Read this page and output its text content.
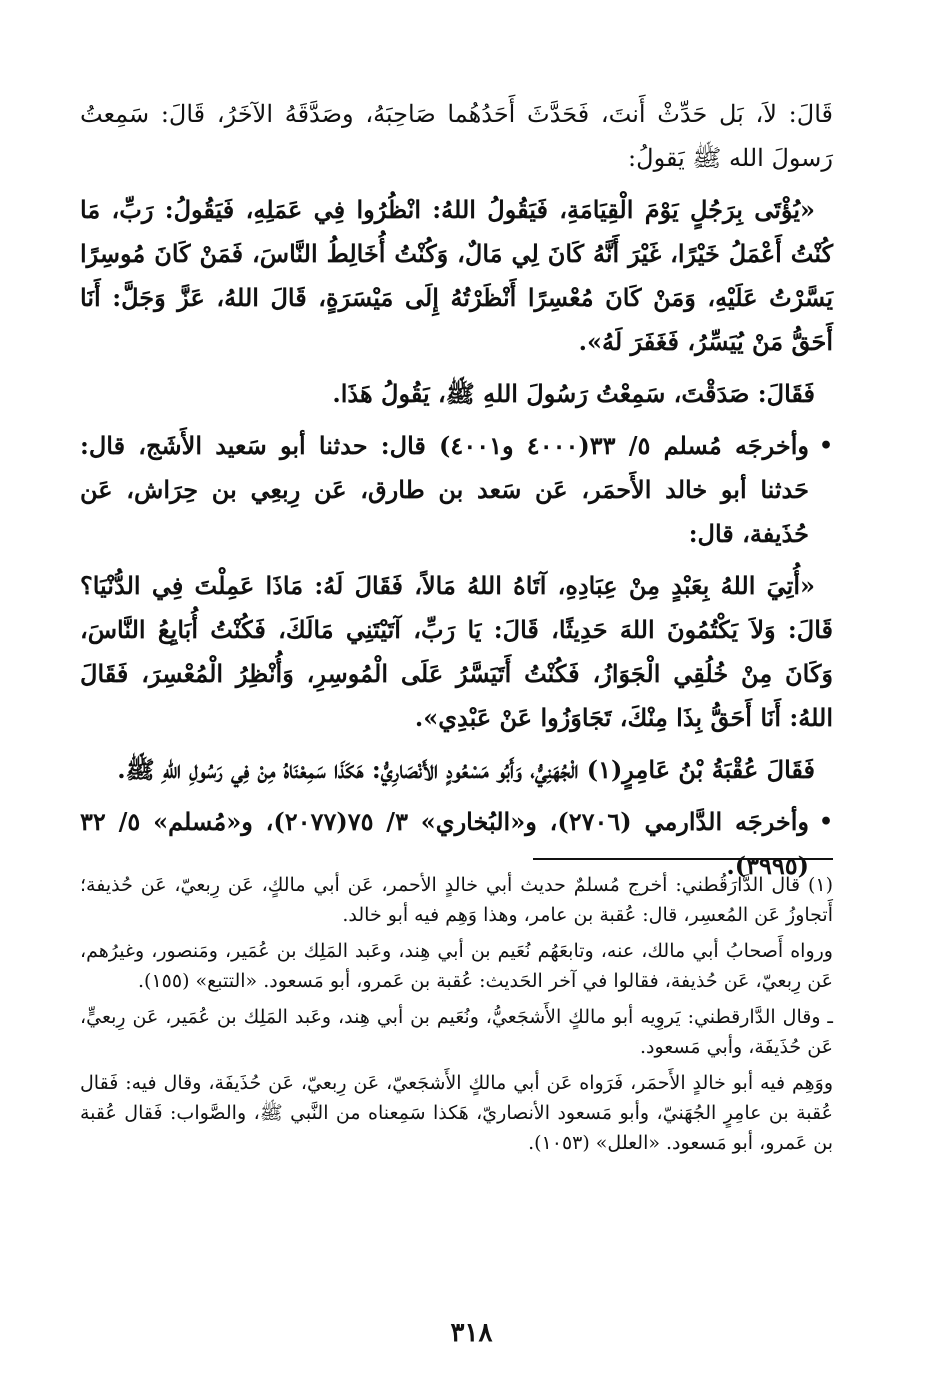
قَالَ: لاَ، بَل حَدِّثْ أَنتَ، فَحَدَّثَ أَحَدُهُما صَاحِبَهُ، وصَدَّقَهُ الآخَرُ، قَالَ: سَمِعتُ رَسولَ الله ﷺ يَقولُ:

«يُؤْتَى بِرَجُلٍ يَوْمَ الْقِيَامَةِ، فَيَقُولُ اللهُ: انْظُرُوا فِي عَمَلِهِ، فَيَقُولُ: رَبِّ، مَا كُنْتُ أَعْمَلُ خَيْرًا، غَيْرَ أَنَّهُ كَانَ لِي مَالٌ، وَكُنْتُ أُخَالِطُ النَّاسَ، فَمَنْ كَانَ مُوسِرًا يَسَّرْتُ عَلَيْهِ، وَمَنْ كَانَ مُعْسِرًا أَنْظَرْتُهُ إِلَى مَيْسَرَةٍ، قَالَ اللهُ، عَزَّ وَجَلَّ: أَنَا أَحَقُّ مَنْ يُيَسِّرُ، فَغَفَرَ لَهُ».

فَقَالَ: صَدَقْتَ، سَمِعْتُ رَسُولَ اللهِ ﷺ، يَقُولُ هَذَا.

•
وأخرجَه مُسلم ٥/ ٣٣(٤٠٠٠ و٤٠٠١) قال: حدثنا أبو سَعيد الأَشَج، قال: حَدثنا أبو خالد الأَحمَر، عَن سَعد بن طارق، عَن رِبعِي بن حِرَاش، عَن حُذَيفة، قال:

«أُتِيَ اللهُ بِعَبْدٍ مِنْ عِبَادِهِ، آتَاهُ اللهُ مَالاً، فَقَالَ لَهُ: مَاذَا عَمِلْتَ فِي الدُّنْيَا؟ قَالَ: وَلاَ يَكْتُمُونَ اللهَ حَدِيثًا، قَالَ: يَا رَبِّ، آتَيْتَنِي مَالَكَ، فَكُنْتُ أُبَايِعُ النَّاسَ، وَكَانَ مِنْ خُلُقِي الْجَوَازُ، فَكُنْتُ أَتَيَسَّرُ عَلَى الْمُوسِرِ، وَأُنْظِرُ الْمُعْسِرَ، فَقَالَ اللهُ: أَنَا أَحَقُّ بِذَا مِنْكَ، تَجَاوَزُوا عَنْ عَبْدِي».

فَقَالَ عُقْبَةُ بْنُ عَامِرٍ(١) الْجُهَنِيُّ، وَأَبُو مَسْعُودٍ الأَنْصَارِيُّ: هَكَذَا سَمِعْنَاهُ مِنْ فِي رَسُولِ اللهِ ﷺ.

•
وأخرجَه الدَّارمي (٢٧٠٦)، و«البُخاري» ٣/ ٧٥(٢٠٧٧)، و«مُسلم» ٥/ ٣٢ (٣٩٩٥).

(١) قال الدَّارَقُطني: أخرج مُسلمٌ حديث أبي خالدٍ الأحمر، عَن أبي مالكٍ، عَن رِبعيّ، عَن حُذيفة؛ أَتجاوزُ عَن المُعسِر، قال: عُقبة بن عامر، وهذا وَهِم فيه أبو خالد.

ورواه أَصحابُ أبي مالك، عنه، وتابعَهُم نُعَيم بن أبي هِند، وعَبد المَلِك بن عُمَير، ومَنصور، وغيرُهم، عَن رِبعيّ، عَن حُذيفة، فقالوا في آخر الحَديث: عُقبة بن عَمرو، أبو مَسعود. «التتبع» (١٥٥).

ـ وقال الدَّارقطني: يَروِيه أبو مالكٍ الأَشجَعيُّ، ونُعَيم بن أبي هِند، وعَبد المَلِك بن عُمَير، عَن رِبعيٍّ، عَن حُذَيفَة، وأبي مَسعود.

ووَهِم فيه أبو خالدٍ الأَحمَر، فَرَواه عَن أبي مالكٍ الأَشجَعيّ، عَن رِبعيّ، عَن حُذَيفَة، وقال فيه: فَقال عُقبة بن عامِرٍ الجُهَنيّ، وأبو مَسعود الأنصاريّ، هَكذا سَمِعناه من النَّبي ﷺ، والصَّواب: فَقال عُقبة بن عَمرو، أبو مَسعود. «العلل» (١٠٥٣).

٣١٨
